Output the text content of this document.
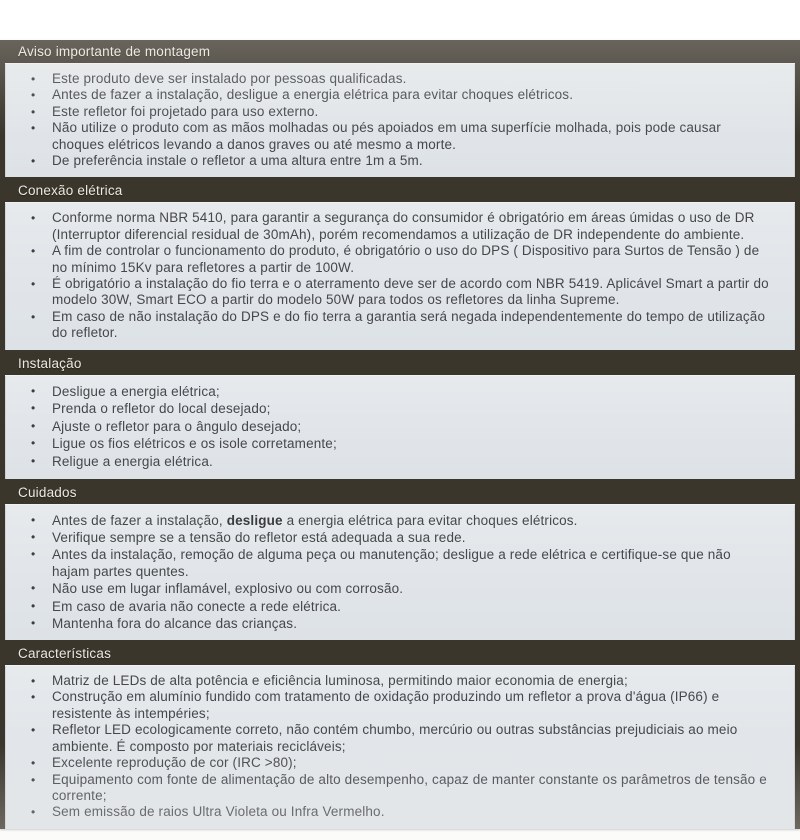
Aviso importante de montagem
•	Este produto deve ser instalado por pessoas qualificadas.
•	Antes de fazer a instalação, desligue a energia elétrica para evitar choques elétricos.
•	Este refletor foi projetado para uso externo.
•	Não utilize o produto com as mãos molhadas ou pés apoiados em uma superfície molhada, pois pode causar choques elétricos levando a danos graves ou até mesmo a morte.
•	De preferência instale o refletor a uma altura entre 1m a 5m.
Conexão elétrica
•	Conforme norma NBR 5410, para garantir a segurança do consumidor é obrigatório em áreas úmidas o uso de DR (Interruptor diferencial residual de 30mAh), porém recomendamos a utilização de DR independente do ambiente.
•	A fim de controlar o funcionamento do produto, é obrigatório o uso do DPS ( Dispositivo para Surtos de Tensão ) de no mínimo 15Kv para refletores a partir de 100W.
•	É obrigatório a instalação do fio terra e o aterramento deve ser de acordo com NBR 5419. Aplicável Smart a partir do modelo 30W, Smart ECO a partir do modelo 50W para todos os refletores da linha Supreme.
•	Em caso de não instalação do DPS e do fio terra a garantia será negada independentemente do tempo de utilização do refletor.
Instalação
•	Desligue a energia elétrica;
•	Prenda o refletor do local desejado;
•	Ajuste o refletor para o ângulo desejado;
•	Ligue os fios elétricos e os isole corretamente;
•	Religue a energia elétrica.
Cuidados
•	Antes de fazer a instalação, desligue a energia elétrica para evitar choques elétricos.
•	Verifique sempre se a tensão do refletor está adequada a sua rede.
•	Antes da instalação, remoção de alguma peça ou manutenção; desligue a rede elétrica e certifique-se que não hajam partes quentes.
•	Não use em lugar inflamável, explosivo ou com corrosão.
•	Em caso de avaria não conecte a rede elétrica.
•	Mantenha fora do alcance das crianças.
Características
•	Matriz de LEDs de alta potência e eficiência luminosa, permitindo maior economia de energia;
•	Construção em alumínio fundido com tratamento de oxidação produzindo um refletor a prova d'água (IP66) e resistente às intempéries;
•	Refletor LED ecologicamente correto, não contém chumbo, mercúrio ou outras substâncias prejudiciais ao meio ambiente. É composto por materiais recicláveis;
•	Excelente reprodução de cor (IRC >80);
•	Equipamento com fonte de alimentação de alto desempenho, capaz de manter constante os parâmetros de tensão e corrente;
•	Sem emissão de raios Ultra Violeta ou Infra Vermelho.
